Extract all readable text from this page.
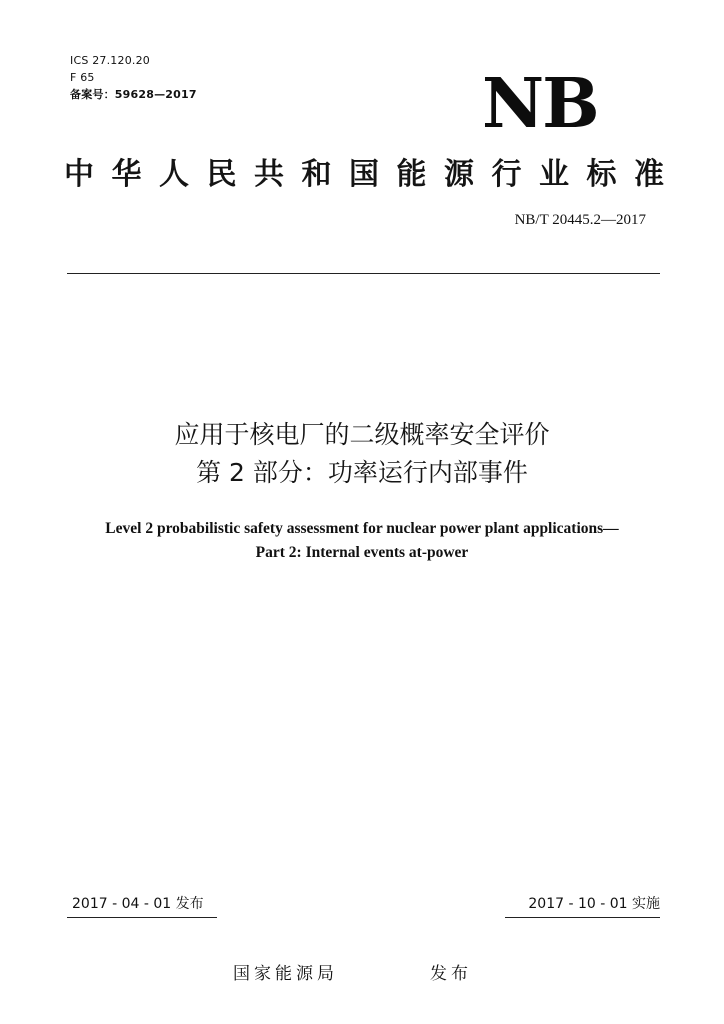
ICS 27.120.20
F 65
备案号：59628—2017	NB
中 华 人 民 共 和 国 能 源 行 业 标 准
NB/T 20445.2—2017
应用于核电厂的二级概率安全评价
第 2 部分：功率运行内部事件
Level 2 probabilistic safety assessment for nuclear power plant applications—
Part 2: Internal events at-power
2017 - 04 - 01 发布	2017 - 10 - 01 实施
国家能源局	发布
